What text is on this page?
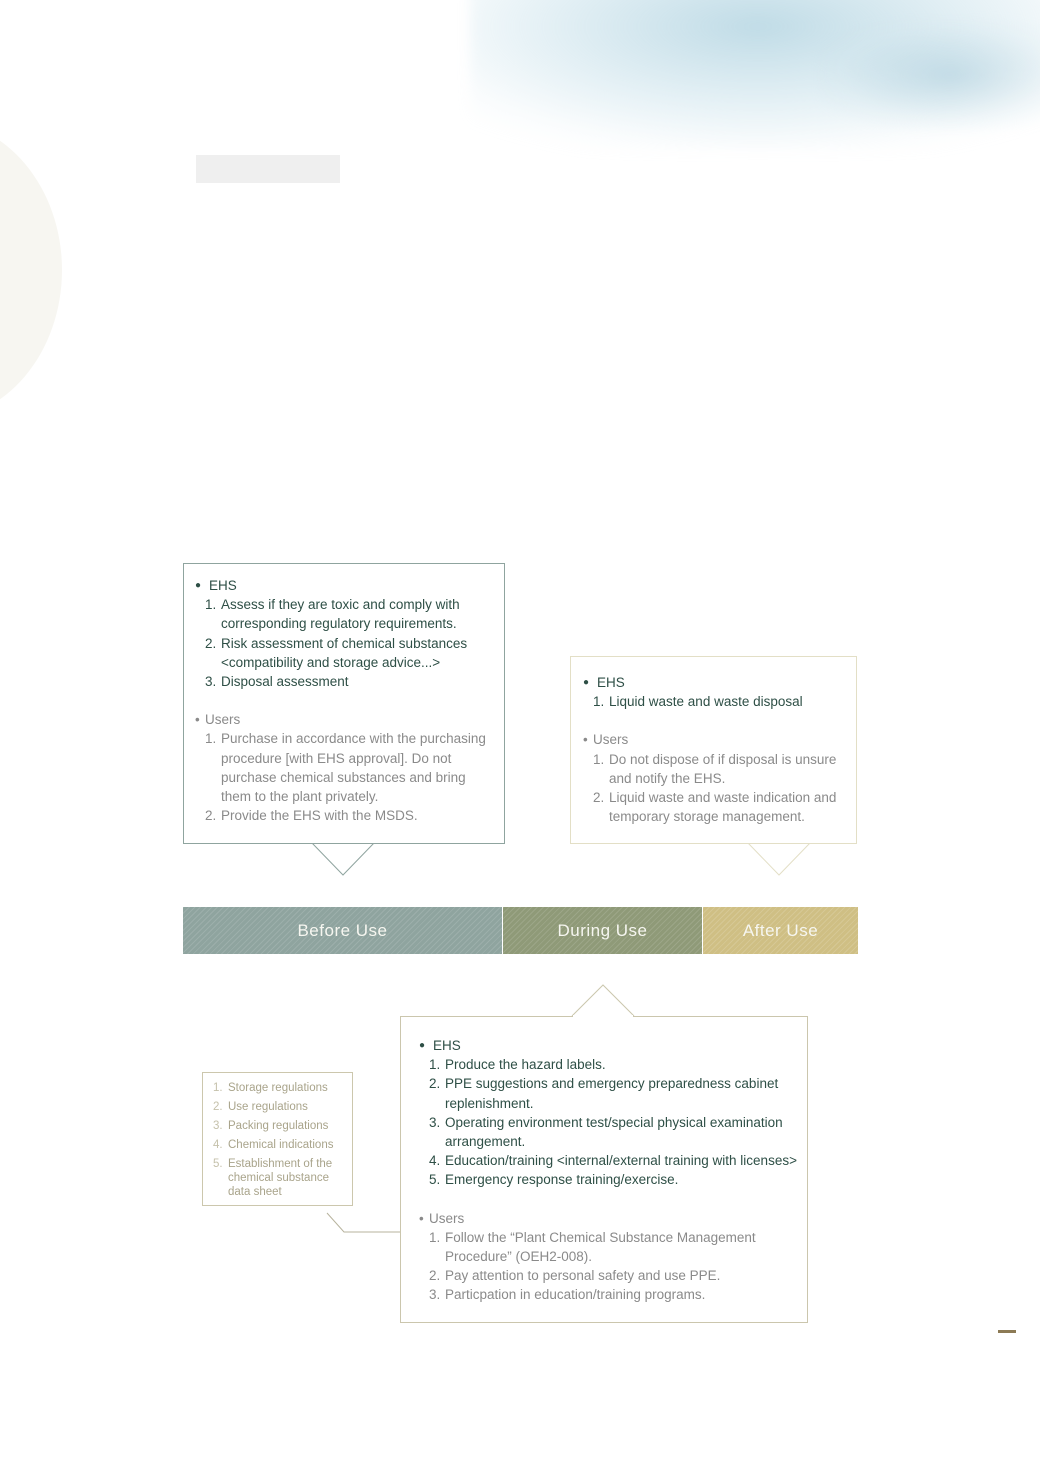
● EHS
1. Produce the hazard labels.
2. PPE suggestions and emergency preparedness cabinet
replenishment.
3. Operating environment test/special physical examination
arrangement.
4. Education/training <internal/external training with licenses>
5. Emergency response training/exercise.
• Users
1. Follow the “Plant Chemical Substance Management
Procedure” (OEH2-008).
2. Pay attention to personal safety and use PPE.
3. Particpation in education/training programs.
● EHS
1. Assess if they are toxic and comply with
corresponding regulatory requirements.
2. Risk assessment of chemical substances
<compatibility and storage advice...>
3. Disposal assessment
• Users
1. Purchase in accordance with the purchasing
procedure [with EHS approval]. Do not
purchase chemical substances and bring
them to the plant privately.
2. Provide the EHS with the MSDS.
● EHS
1. Liquid waste and waste disposal
• Users
1. Do not dispose of if disposal is unsure
and notify the EHS.
2. Liquid waste and waste indication and
temporary storage management.
1. Storage regulations
2. Use regulations
3. Packing regulations
4. Chemical indications
5. Establishment of the
chemical substance
data sheet
Before Use	During Use	After Use
